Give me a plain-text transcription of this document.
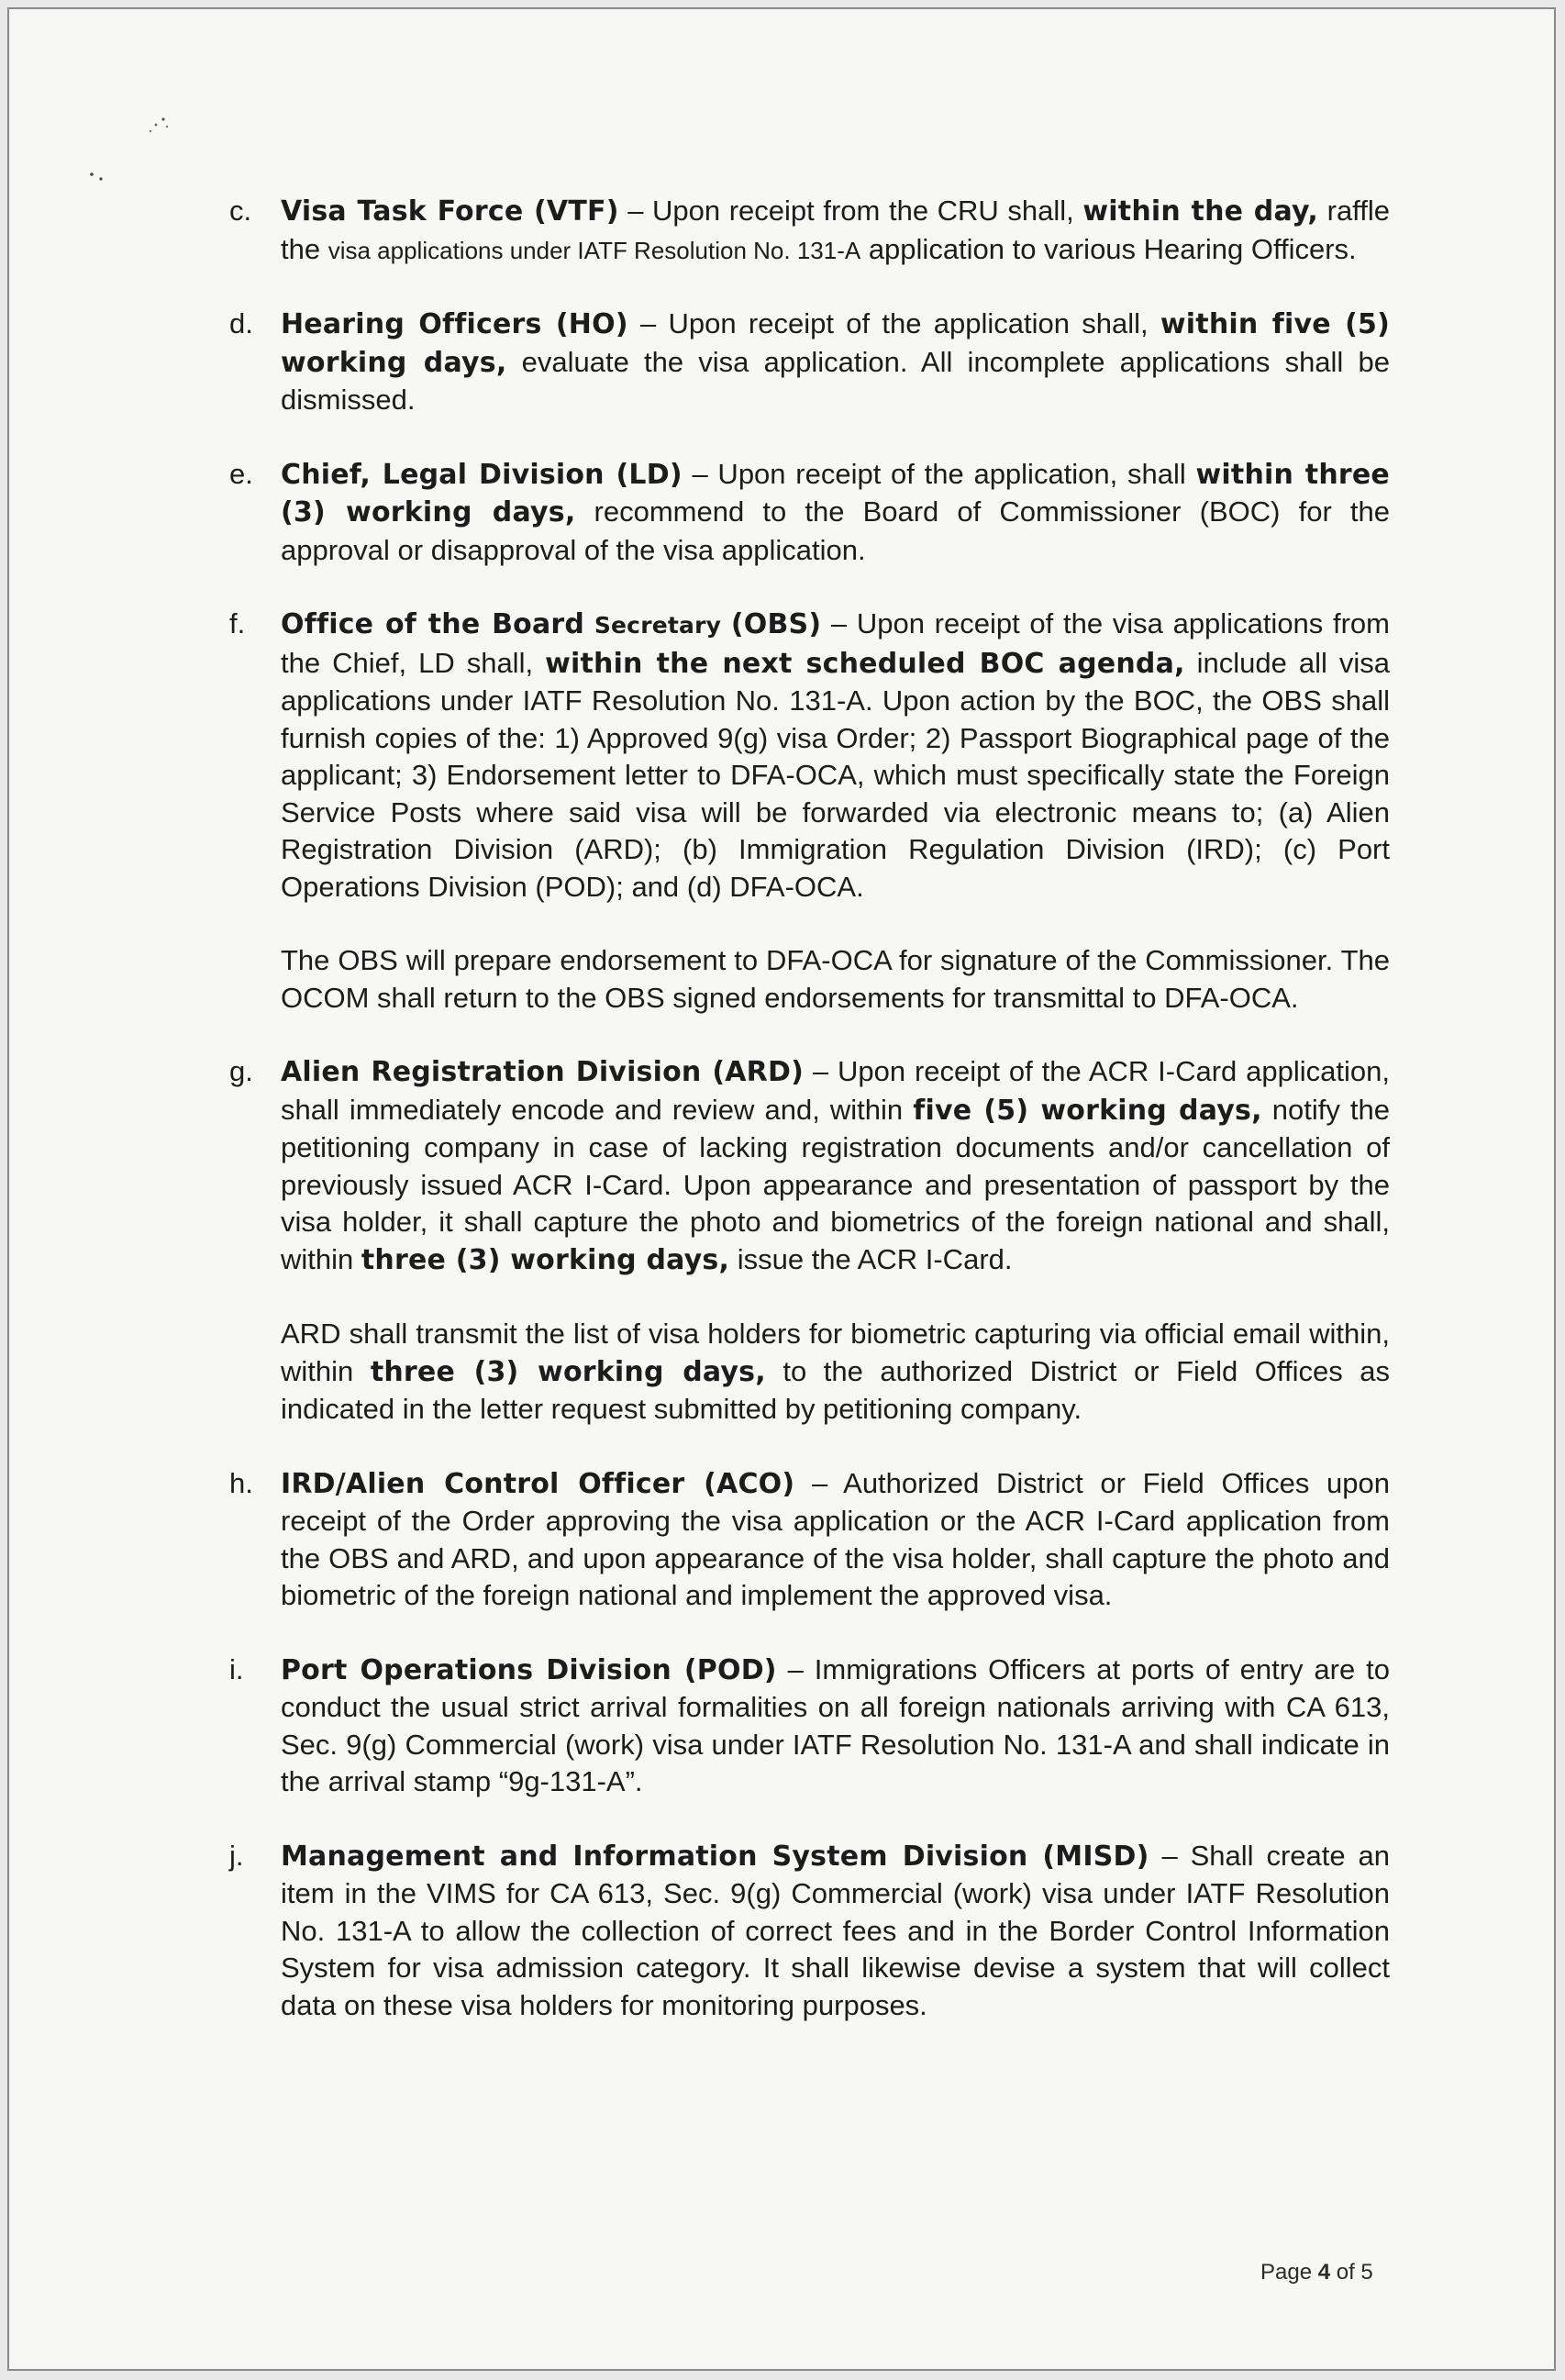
c. Visa Task Force (VTF) – Upon receipt from the CRU shall, within the day, raffle the visa applications under IATF Resolution No. 131-A application to various Hearing Officers.

d. Hearing Officers (HO) – Upon receipt of the application shall, within five (5) working days, evaluate the visa application. All incomplete applications shall be dismissed.

e. Chief, Legal Division (LD) – Upon receipt of the application, shall within three (3) working days, recommend to the Board of Commissioner (BOC) for the approval or disapproval of the visa application.

f. Office of the Board Secretary (OBS) – Upon receipt of the visa applications from the Chief, LD shall, within the next scheduled BOC agenda, include all visa applications under IATF Resolution No. 131-A. Upon action by the BOC, the OBS shall furnish copies of the: 1) Approved 9(g) visa Order; 2) Passport Biographical page of the applicant; 3) Endorsement letter to DFA-OCA, which must specifically state the Foreign Service Posts where said visa will be forwarded via electronic means to; (a) Alien Registration Division (ARD); (b) Immigration Regulation Division (IRD); (c) Port Operations Division (POD); and (d) DFA-OCA.

The OBS will prepare endorsement to DFA-OCA for signature of the Commissioner. The OCOM shall return to the OBS signed endorsements for transmittal to DFA-OCA.

g. Alien Registration Division (ARD) – Upon receipt of the ACR I-Card application, shall immediately encode and review and, within five (5) working days, notify the petitioning company in case of lacking registration documents and/or cancellation of previously issued ACR I-Card. Upon appearance and presentation of passport by the visa holder, it shall capture the photo and biometrics of the foreign national and shall, within three (3) working days, issue the ACR I-Card.

ARD shall transmit the list of visa holders for biometric capturing via official email within, within three (3) working days, to the authorized District or Field Offices as indicated in the letter request submitted by petitioning company.

h. IRD/Alien Control Officer (ACO) – Authorized District or Field Offices upon receipt of the Order approving the visa application or the ACR I-Card application from the OBS and ARD, and upon appearance of the visa holder, shall capture the photo and biometric of the foreign national and implement the approved visa.

i. Port Operations Division (POD) – Immigrations Officers at ports of entry are to conduct the usual strict arrival formalities on all foreign nationals arriving with CA 613, Sec. 9(g) Commercial (work) visa under IATF Resolution No. 131-A and shall indicate in the arrival stamp “9g-131-A”.

j. Management and Information System Division (MISD) – Shall create an item in the VIMS for CA 613, Sec. 9(g) Commercial (work) visa under IATF Resolution No. 131-A to allow the collection of correct fees and in the Border Control Information System for visa admission category. It shall likewise devise a system that will collect data on these visa holders for monitoring purposes.

Page 4 of 5
